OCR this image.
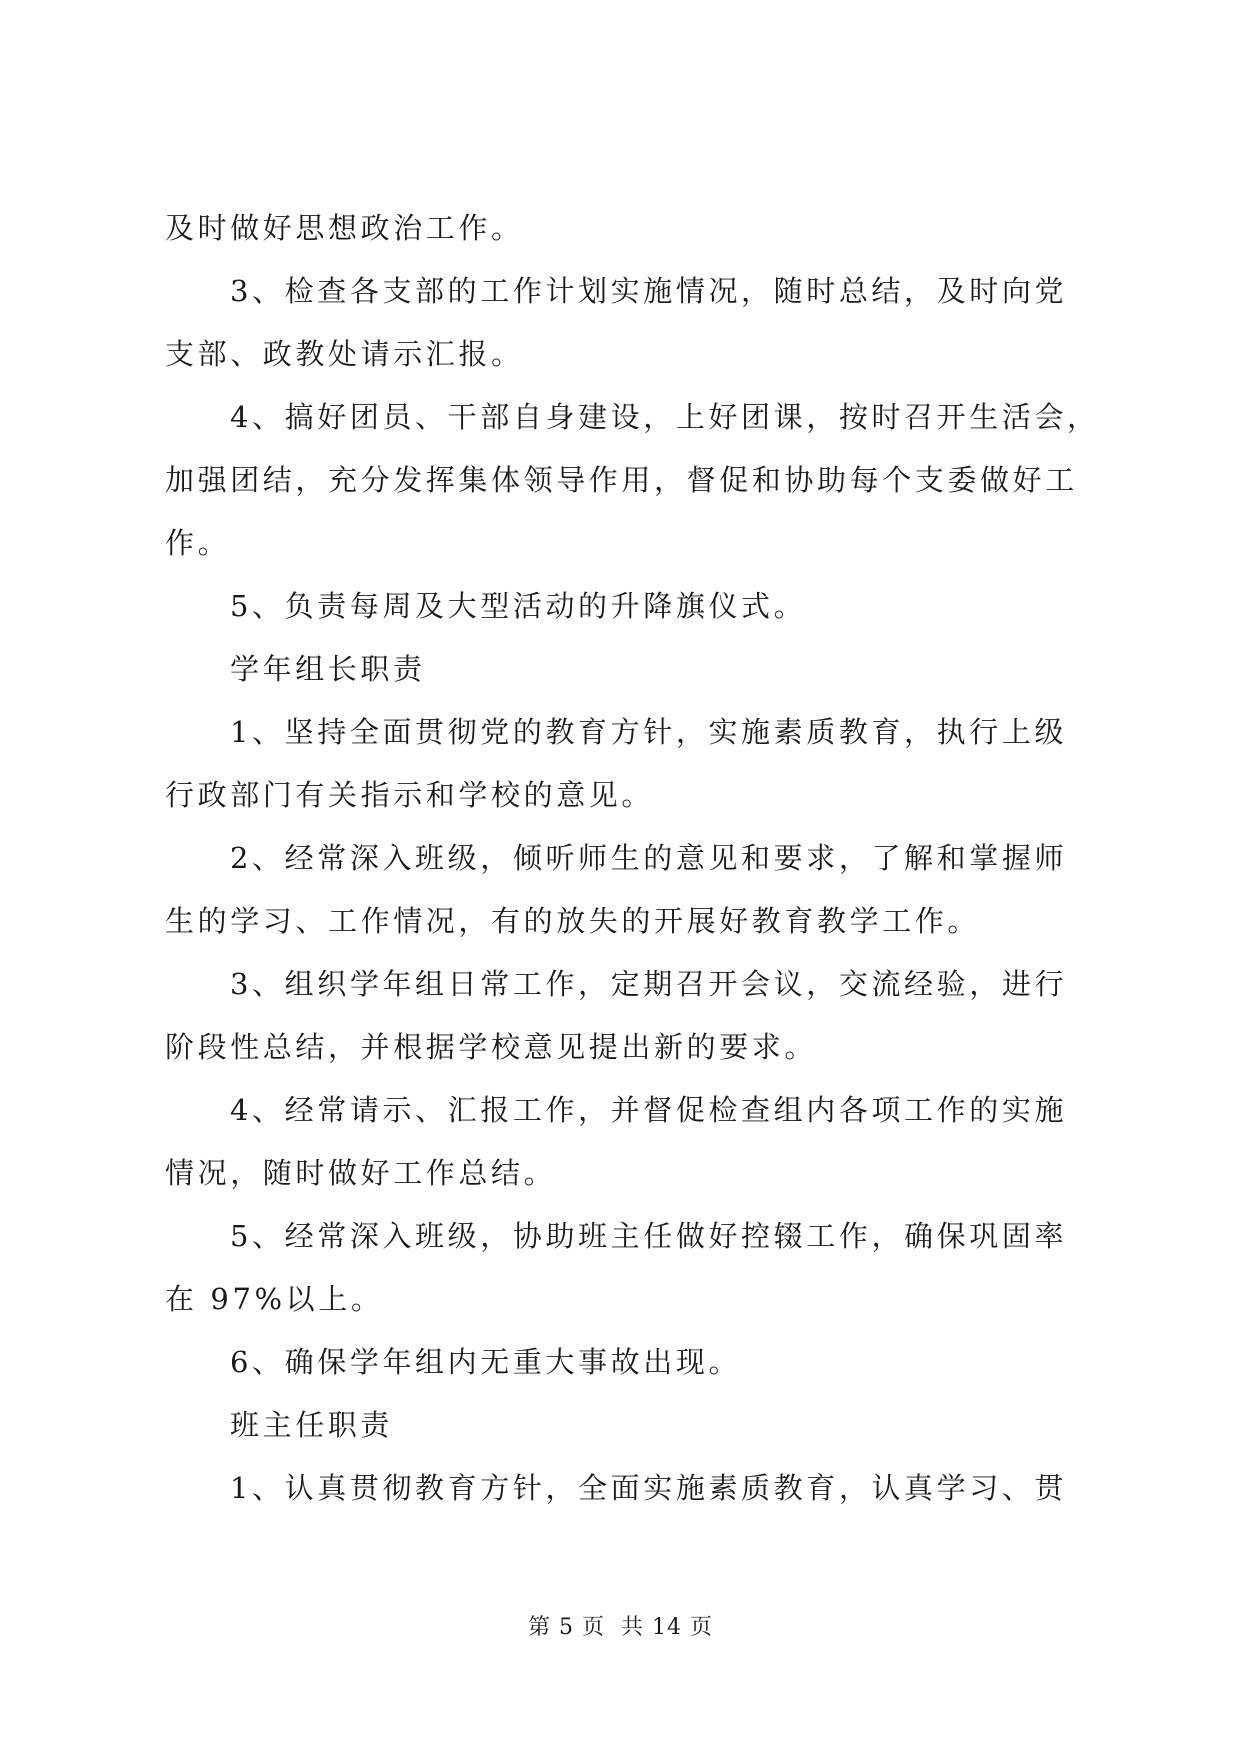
及时做好思想政治工作。
3、检查各支部的工作计划实施情况，随时总结，及时向党
支部、政教处请示汇报。
4、搞好团员、干部自身建设，上好团课，按时召开生活会，
加强团结，充分发挥集体领导作用，督促和协助每个支委做好工
作。
5、负责每周及大型活动的升降旗仪式。
学年组长职责
1、坚持全面贯彻党的教育方针，实施素质教育，执行上级
行政部门有关指示和学校的意见。
2、经常深入班级，倾听师生的意见和要求，了解和掌握师
生的学习、工作情况，有的放失的开展好教育教学工作。
3、组织学年组日常工作，定期召开会议，交流经验，进行
阶段性总结，并根据学校意见提出新的要求。
4、经常请示、汇报工作，并督促检查组内各项工作的实施
情况，随时做好工作总结。
5、经常深入班级，协助班主任做好控辍工作，确保巩固率
在 97%以上。
6、确保学年组内无重大事故出现。
班主任职责
1、认真贯彻教育方针，全面实施素质教育，认真学习、贯
第 5 页  共 14 页
